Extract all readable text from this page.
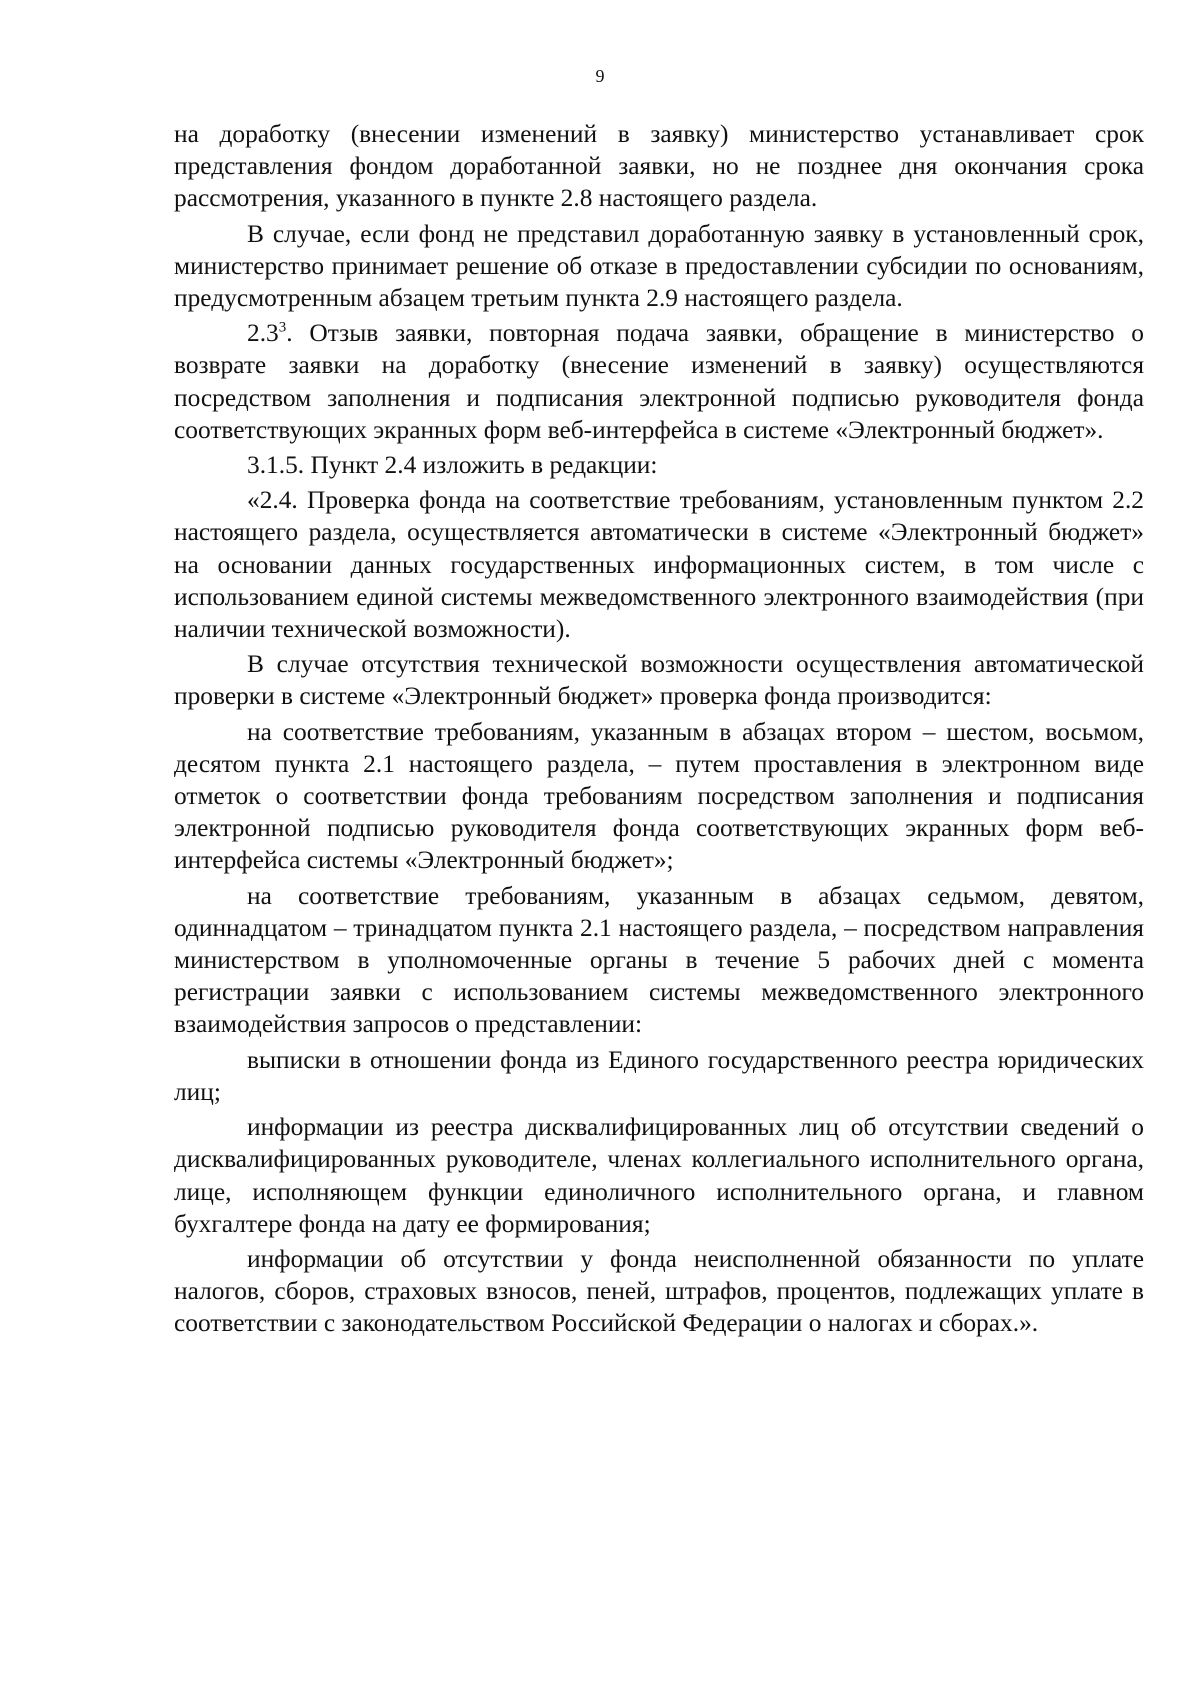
9

на доработку (внесении изменений в заявку) министерство устанавливает срок представления фондом доработанной заявки, но не позднее дня окончания срока рассмотрения, указанного в пункте 2.8 настоящего раздела.

В случае, если фонд не представил доработанную заявку в установленный срок, министерство принимает решение об отказе в предоставлении субсидии по основаниям, предусмотренным абзацем третьим пункта 2.9 настоящего раздела.

$2.3^3$. Отзыв заявки, повторная подача заявки, обращение в министерство о возврате заявки на доработку (внесение изменений в заявку) осуществляются посредством заполнения и подписания электронной подписью руководителя фонда соответствующих экранных форм веб-интерфейса в системе «Электронный бюджет».

3.1.5. Пункт 2.4 изложить в редакции:

«2.4. Проверка фонда на соответствие требованиям, установленным пунктом 2.2 настоящего раздела, осуществляется автоматически в системе «Электронный бюджет» на основании данных государственных информационных систем, в том числе с использованием единой системы межведомственного электронного взаимодействия (при наличии технической возможности).

В случае отсутствия технической возможности осуществления автоматической проверки в системе «Электронный бюджет» проверка фонда производится:

на соответствие требованиям, указанным в абзацах втором – шестом, восьмом, десятом пункта 2.1 настоящего раздела, – путем проставления в электронном виде отметок о соответствии фонда требованиям посредством заполнения и подписания электронной подписью руководителя фонда соответствующих экранных форм веб-интерфейса системы «Электронный бюджет»;

на соответствие требованиям, указанным в абзацах седьмом, девятом, одиннадцатом – тринадцатом пункта 2.1 настоящего раздела, – посредством направления министерством в уполномоченные органы в течение 5 рабочих дней с момента регистрации заявки с использованием системы межведомственного электронного взаимодействия запросов о представлении:

выписки в отношении фонда из Единого государственного реестра юридических лиц;

информации из реестра дисквалифицированных лиц об отсутствии сведений о дисквалифицированных руководителе, членах коллегиального исполнительного органа, лице, исполняющем функции единоличного исполнительного органа, и главном бухгалтере фонда на дату ее формирования;

информации об отсутствии у фонда неисполненной обязанности по уплате налогов, сборов, страховых взносов, пеней, штрафов, процентов, подлежащих уплате в соответствии с законодательством Российской Федерации о налогах и сборах.».
